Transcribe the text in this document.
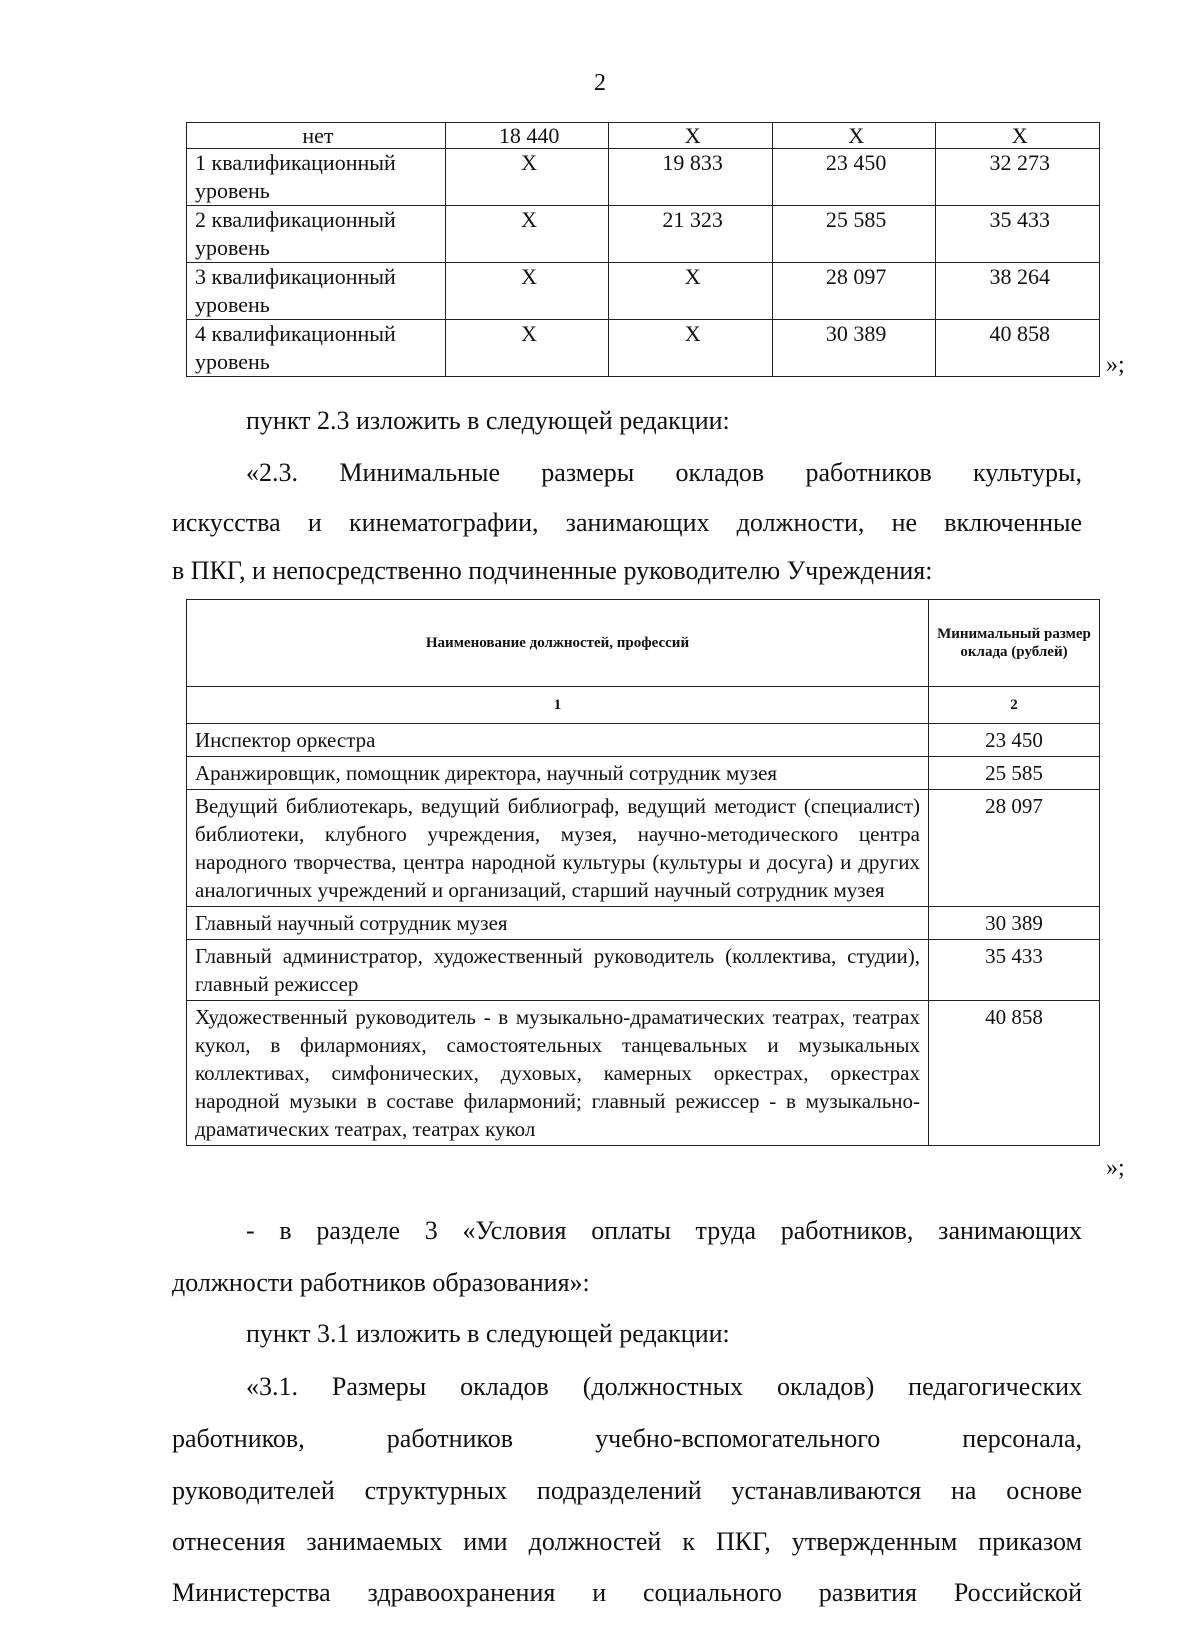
2
нет	18 440	X	X	X
1 квалификационный уровень	X	19 833	23 450	32 273
2 квалификационный уровень	X	21 323	25 585	35 433
3 квалификационный уровень	X	X	28 097	38 264
4 квалификационный уровень	X	X	30 389	40 858
»;
пункт 2.3 изложить в следующей редакции:
«2.3. Минимальные размеры окладов работников культуры,
искусства и кинематографии, занимающих должности, не включенные
в ПКГ, и непосредственно подчиненные руководителю Учреждения:
Наименование должностей, профессий	Минимальный размер оклада (рублей)
1	2
Инспектор оркестра	23 450
Аранжировщик, помощник директора, научный сотрудник музея	25 585
Ведущий библиотекарь, ведущий библиограф, ведущий методист (специалист) библиотеки, клубного учреждения, музея, научно-методического центра народного творчества, центра народной культуры (культуры и досуга) и других аналогичных учреждений и организаций, старший научный сотрудник музея	28 097
Главный научный сотрудник музея	30 389
Главный администратор, художественный руководитель (коллектива, студии), главный режиссер	35 433
Художественный руководитель - в музыкально-драматических театрах, театрах кукол, в филармониях, самостоятельных танцевальных и музыкальных коллективах, симфонических, духовых, камерных оркестрах, оркестрах народной музыки в составе филармоний; главный режиссер - в музыкально-драматических театрах, театрах кукол	40 858
»;
- в разделе 3 «Условия оплаты труда работников, занимающих
должности работников образования»:
пункт 3.1 изложить в следующей редакции:
«3.1. Размеры окладов (должностных окладов) педагогических
работников, работников учебно-вспомогательного персонала,
руководителей структурных подразделений устанавливаются на основе
отнесения занимаемых ими должностей к ПКГ, утвержденным приказом
Министерства здравоохранения и социального развития Российской
